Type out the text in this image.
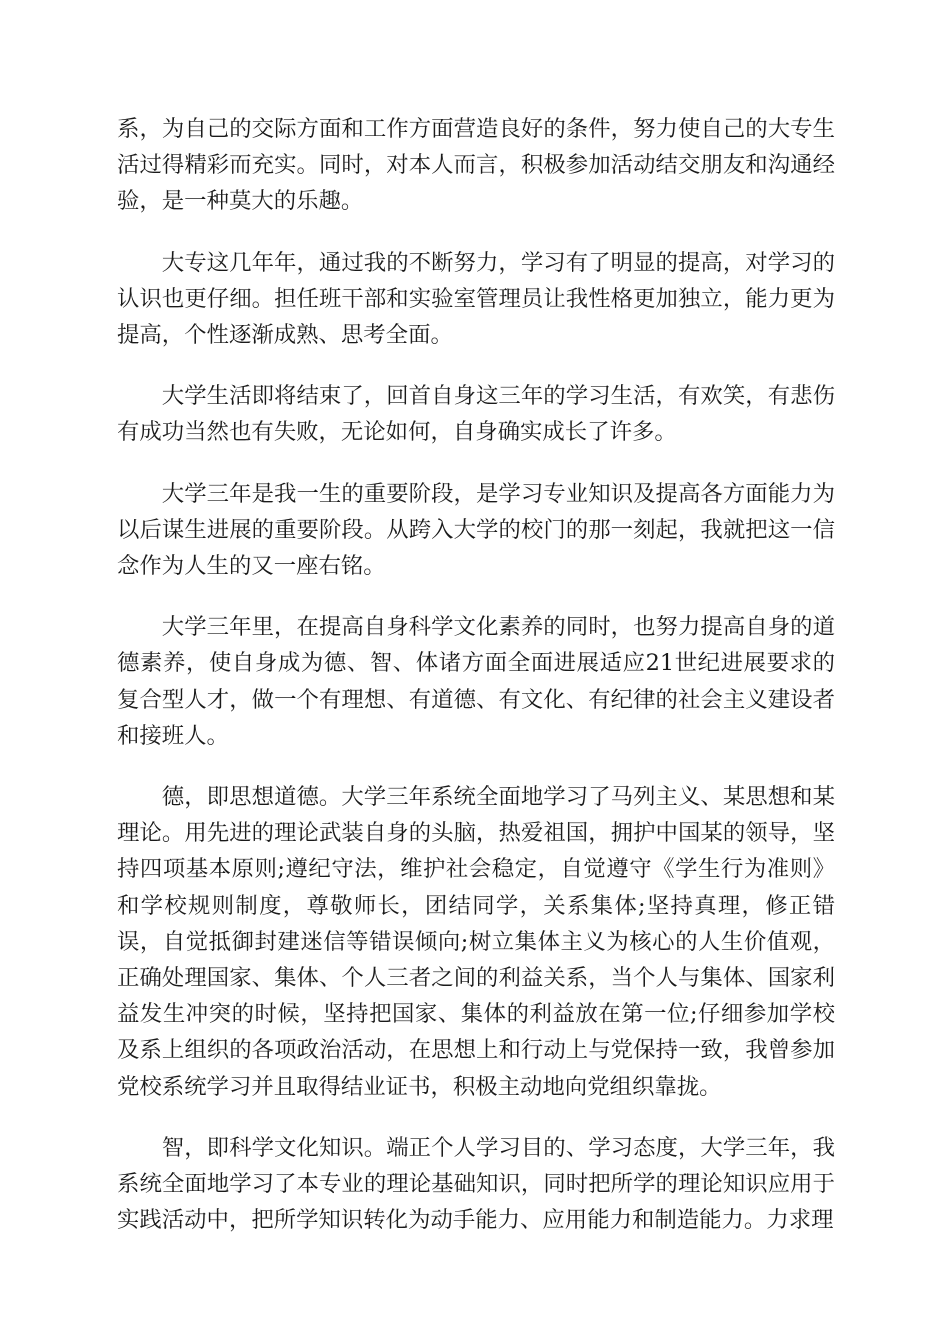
系，为自己的交际方面和工作方面营造良好的条件，努力使自己的大专生活过得精彩而充实。同时，对本人而言，积极参加活动结交朋友和沟通经验，是一种莫大的乐趣。

大专这几年年，通过我的不断努力，学习有了明显的提高，对学习的认识也更仔细。担任班干部和实验室管理员让我性格更加独立，能力更为提高，个性逐渐成熟、思考全面。

大学生活即将结束了，回首自身这三年的学习生活，有欢笑，有悲伤有成功当然也有失败，无论如何，自身确实成长了许多。

大学三年是我一生的重要阶段，是学习专业知识及提高各方面能力为以后谋生进展的重要阶段。从跨入大学的校门的那一刻起，我就把这一信念作为人生的又一座右铭。

大学三年里，在提高自身科学文化素养的同时，也努力提高自身的道德素养，使自身成为德、智、体诸方面全面进展适应21世纪进展要求的复合型人才，做一个有理想、有道德、有文化、有纪律的社会主义建设者和接班人。

德，即思想道德。大学三年系统全面地学习了马列主义、某思想和某理论。用先进的理论武装自身的头脑，热爱祖国，拥护中国某的领导，坚持四项基本原则;遵纪守法，维护社会稳定，自觉遵守《学生行为准则》和学校规则制度，尊敬师长，团结同学，关系集体;坚持真理，修正错误，自觉抵御封建迷信等错误倾向;树立集体主义为核心的人生价值观，正确处理国家、集体、个人三者之间的利益关系，当个人与集体、国家利益发生冲突的时候，坚持把国家、集体的利益放在第一位;仔细参加学校及系上组织的各项政治活动，在思想上和行动上与党保持一致，我曾参加党校系统学习并且取得结业证书，积极主动地向党组织靠拢。

智，即科学文化知识。端正个人学习目的、学习态度，大学三年，我系统全面地学习了本专业的理论基础知识，同时把所学的理论知识应用于实践活动中，把所学知识转化为动手能力、应用能力和制造能力。力求理
